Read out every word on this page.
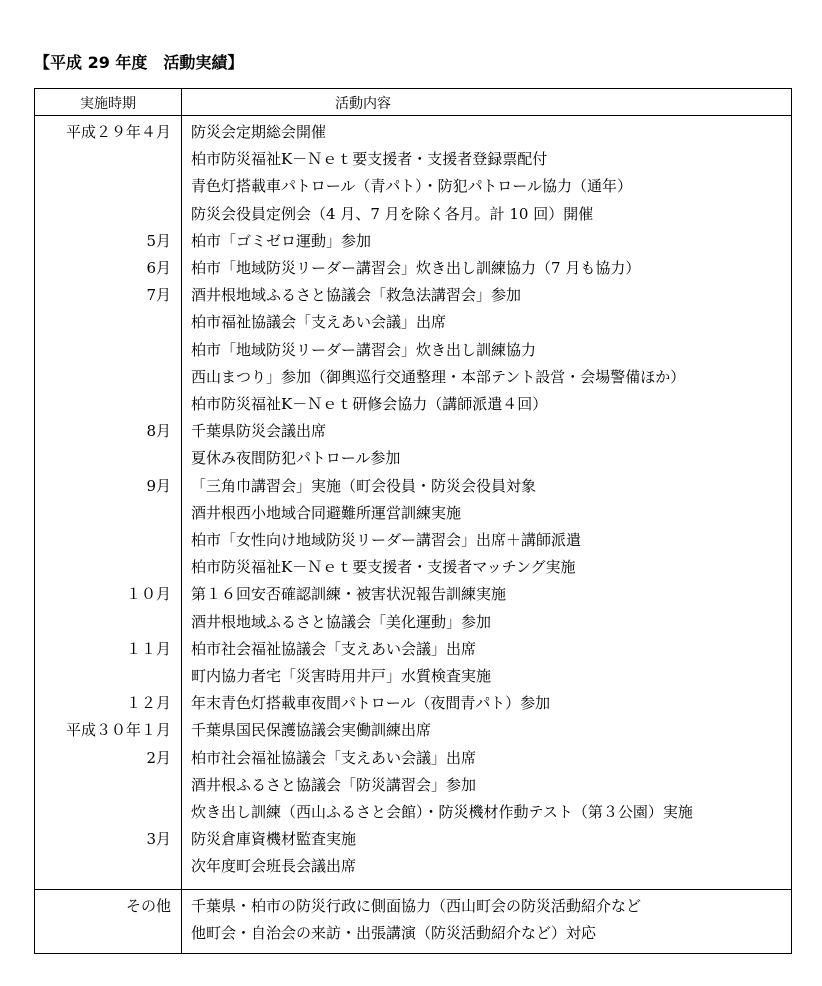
【平成 29 年度　活動実績】
実施時期	活動内容
平成２９年４月 防災会定期総会開催
柏市防災福祉K－Ｎｅｔ要支援者・支援者登録票配付
青色灯搭載車パトロール（青パト）・防犯パトロール協力（通年）
防災会役員定例会（4 月、7 月を除く各月。計 10 回）開催
5月 柏市「ゴミゼロ運動」参加
6月 柏市「地域防災リーダー講習会」炊き出し訓練協力（7 月も協力）
7月 酒井根地域ふるさと協議会「救急法講習会」参加
柏市福祉協議会「支えあい会議」出席
柏市「地域防災リーダー講習会」炊き出し訓練協力
西山まつり」参加（御輿巡行交通整理・本部テント設営・会場警備ほか）
柏市防災福祉K－Ｎｅｔ研修会協力（講師派遣４回）
8月 千葉県防災会議出席
夏休み夜間防犯パトロール参加
9月 「三角巾講習会」実施（町会役員・防災会役員対象
酒井根西小地域合同避難所運営訓練実施
柏市「女性向け地域防災リーダー講習会」出席＋講師派遣
柏市防災福祉K－Ｎｅｔ要支援者・支援者マッチング実施
１０月 第１６回安否確認訓練・被害状況報告訓練実施
酒井根地域ふるさと協議会「美化運動」参加
１１月 柏市社会福祉協議会「支えあい会議」出席
町内協力者宅「災害時用井戸」水質検査実施
１２月 年末青色灯搭載車夜間パトロール（夜間青パト）参加
平成３０年１月 千葉県国民保護協議会実働訓練出席
2月 柏市社会福祉協議会「支えあい会議」出席
酒井根ふるさと協議会「防災講習会」参加
炊き出し訓練（西山ふるさと会館）・防災機材作動テスト（第３公園）実施
3月 防災倉庫資機材監査実施
次年度町会班長会議出席
その他 千葉県・柏市の防災行政に側面協力（西山町会の防災活動紹介など
他町会・自治会の来訪・出張講演（防災活動紹介など）対応
